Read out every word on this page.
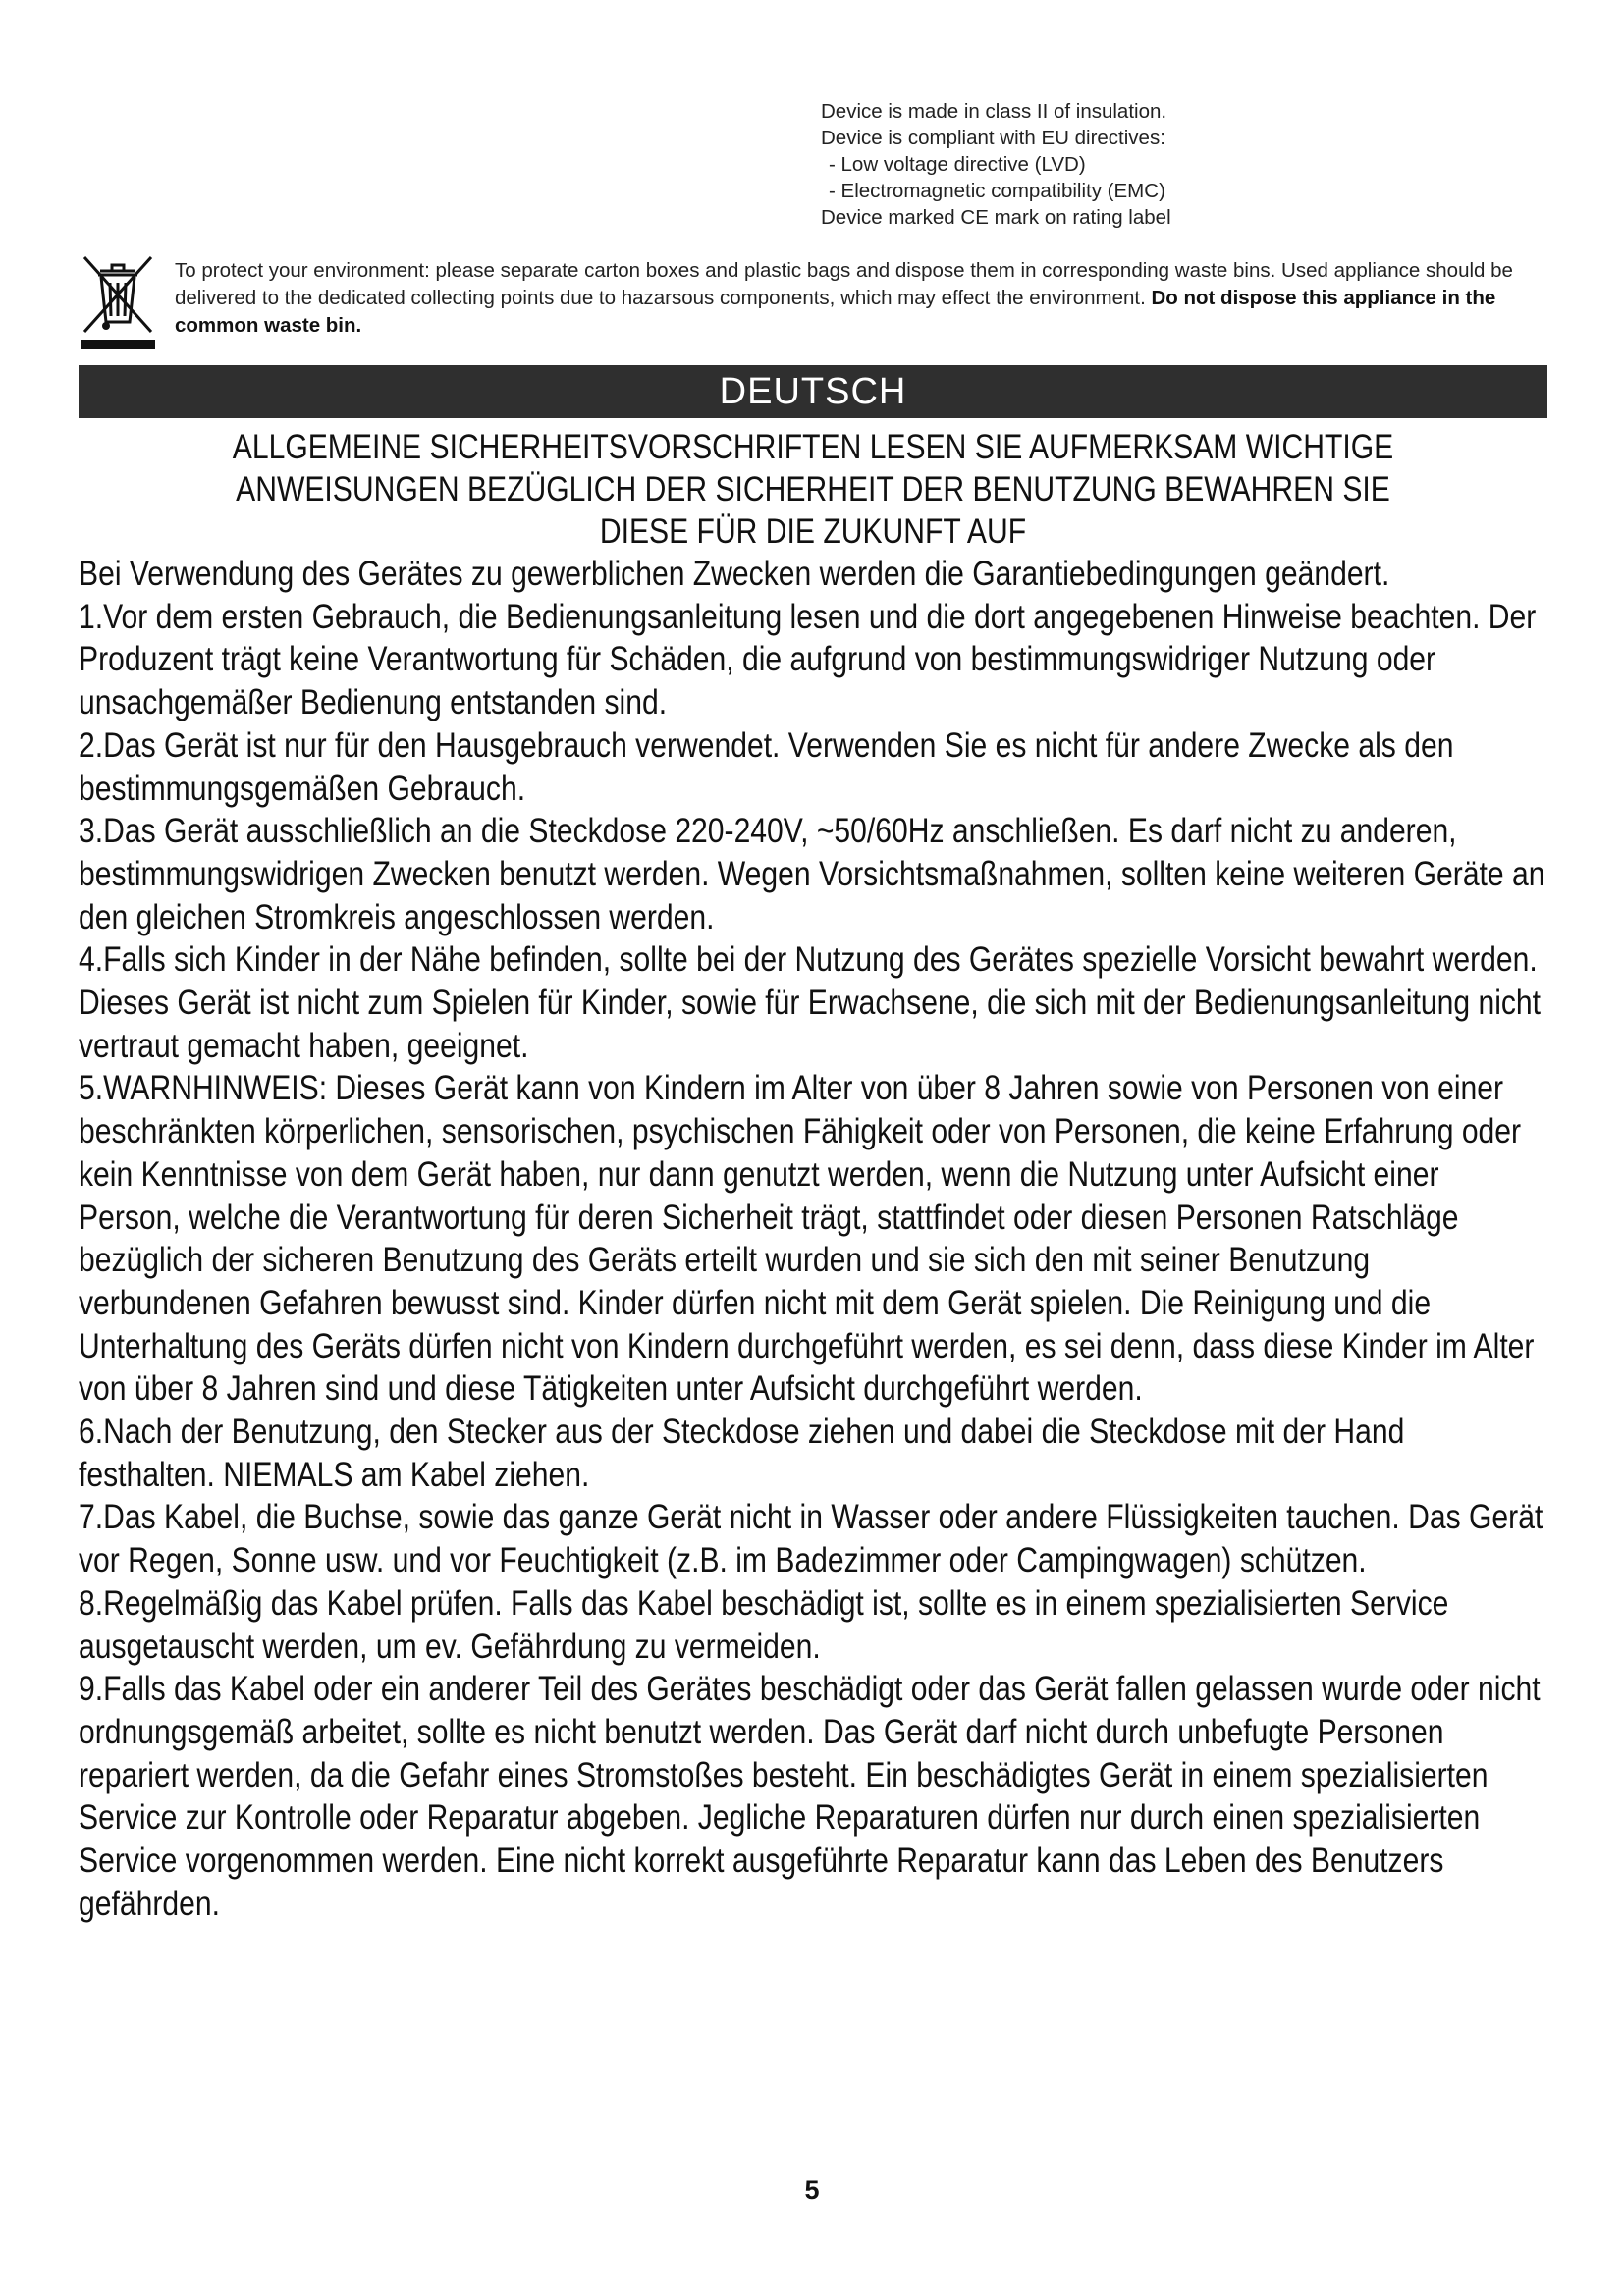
Device is made in class II of insulation.
Device is compliant with EU directives:
- Low voltage directive (LVD)
- Electromagnetic compatibility (EMC)
Device marked CE mark on rating label
To protect your environment: please separate carton boxes and plastic bags and dispose them in corresponding waste bins. Used appliance should be delivered to the dedicated collecting points due to hazarsous components, which may effect the environment. Do not dispose this appliance in the common waste bin.
DEUTSCH
ALLGEMEINE SICHERHEITSVORSCHRIFTEN LESEN SIE AUFMERKSAM WICHTIGE
ANWEISUNGEN BEZÜGLICH DER SICHERHEIT DER BENUTZUNG BEWAHREN SIE
DIESE FÜR DIE ZUKUNFT AUF

Bei Verwendung des Gerätes zu gewerblichen Zwecken werden die Garantiebedingungen geändert.

1.Vor dem ersten Gebrauch, die Bedienungsanleitung lesen und die dort angegebenen Hinweise beachten. Der Produzent trägt keine Verantwortung für Schäden, die aufgrund von bestimmungswidriger Nutzung oder unsachgemäßer Bedienung entstanden sind.

2.Das Gerät ist nur für den Hausgebrauch verwendet. Verwenden Sie es nicht für andere Zwecke als den bestimmungsgemäßen Gebrauch.

3.Das Gerät ausschließlich an die Steckdose 220-240V, ~50/60Hz anschließen. Es darf nicht zu anderen, bestimmungswidrigen Zwecken benutzt werden. Wegen Vorsichtsmaßnahmen, sollten keine weiteren Geräte an den gleichen Stromkreis angeschlossen werden.

4.Falls sich Kinder in der Nähe befinden, sollte bei der Nutzung des Gerätes spezielle Vorsicht bewahrt werden. Dieses Gerät ist nicht zum Spielen für Kinder, sowie für Erwachsene, die sich mit der Bedienungsanleitung nicht vertraut gemacht haben, geeignet.

5.WARNHINWEIS: Dieses Gerät kann von Kindern im Alter von über 8 Jahren sowie von Personen von einer beschränkten körperlichen, sensorischen, psychischen Fähigkeit oder von Personen, die keine Erfahrung oder kein Kenntnisse von dem Gerät haben, nur dann genutzt werden, wenn die Nutzung unter Aufsicht einer Person, welche die Verantwortung für deren Sicherheit trägt, stattfindet oder diesen Personen Ratschläge bezüglich der sicheren Benutzung des Geräts erteilt wurden und sie sich den mit seiner Benutzung verbundenen Gefahren bewusst sind. Kinder dürfen nicht mit dem Gerät spielen. Die Reinigung und die Unterhaltung des Geräts dürfen nicht von Kindern durchgeführt werden, es sei denn, dass diese Kinder im Alter von über 8 Jahren sind und diese Tätigkeiten unter Aufsicht durchgeführt werden.

6.Nach der Benutzung, den Stecker aus der Steckdose ziehen und dabei die Steckdose mit der Hand festhalten. NIEMALS am Kabel ziehen.

7.Das Kabel, die Buchse, sowie das ganze Gerät nicht in Wasser oder andere Flüssigkeiten tauchen. Das Gerät vor Regen, Sonne usw. und vor Feuchtigkeit (z.B. im Badezimmer oder Campingwagen) schützen.

8.Regelmäßig das Kabel prüfen. Falls das Kabel beschädigt ist, sollte es in einem spezialisierten Service ausgetauscht werden, um ev. Gefährdung zu vermeiden.

9.Falls das Kabel oder ein anderer Teil des Gerätes beschädigt oder das Gerät fallen gelassen wurde oder nicht ordnungsgemäß arbeitet, sollte es nicht benutzt werden. Das Gerät darf nicht durch unbefugte Personen repariert werden, da die Gefahr eines Stromstoßes besteht. Ein beschädigtes Gerät in einem spezialisierten Service zur Kontrolle oder Reparatur abgeben. Jegliche Reparaturen dürfen nur durch einen spezialisierten Service vorgenommen werden. Eine nicht korrekt ausgeführte Reparatur kann das Leben des Benutzers gefährden.

5
